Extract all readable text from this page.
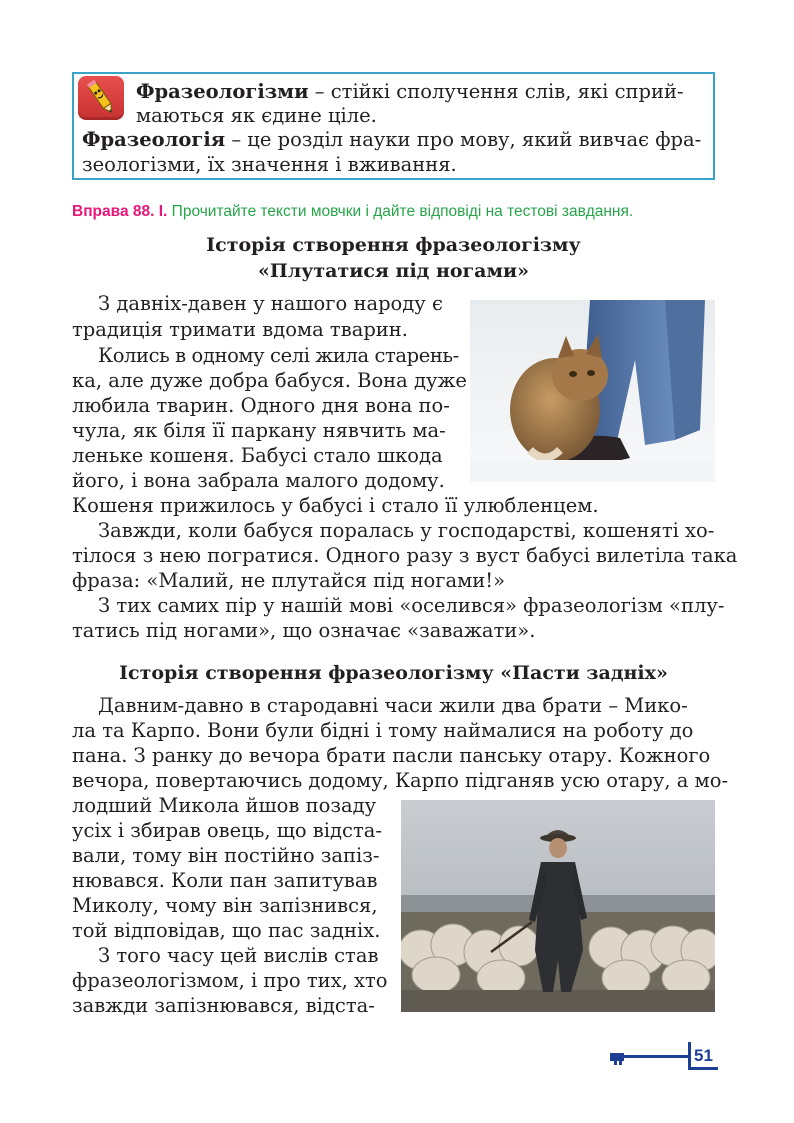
Фразеологізми – стійкі сполучення слів, які сприй-
маються як єдине ціле.
Фразеологія – це розділ науки про мову, який вивчає фра-
зеологізми, їх значення і вживання.
Вправа 88. І. Прочитайте тексти мовчки і дайте відповіді на тестові завдання.
Історія створення фразеологізму
«Плутатися під ногами»
З давніх-давен у нашого народу є
традиція тримати вдома тварин.
Колись в одному селі жила старень-
ка, але дуже добра бабуся. Вона дуже
любила тварин. Одного дня вона по-
чула, як біля її паркану нявчить ма-
леньке кошеня. Бабусі стало шкода
його, і вона забрала малого додому.
Кошеня прижилось у бабусі і стало її улюбленцем.
Завжди, коли бабуся поралась у господарстві, кошеняті хо-
тілося з нею погратися. Одного разу з вуст бабусі вилетіла така
фраза: «Малий, не плутайся під ногами!»
З тих самих пір у нашій мові «оселився» фразеологізм «плу-
татись під ногами», що означає «заважати».
Історія створення фразеологізму «Пасти задніх»
Давним-давно в стародавні часи жили два брати – Мико-
ла та Карпо. Вони були бідні і тому наймалися на роботу до
пана. З ранку до вечора брати пасли панську отару. Кожного
вечора, повертаючись додому, Карпо підганяв усю отару, а мо-
лодший Микола йшов позаду
усіх і збирав овець, що відста-
вали, тому він постійно запіз-
нювався. Коли пан запитував
Миколу, чому він запізнився,
той відповідав, що пас задніх.
З того часу цей вислів став
фразеологізмом, і про тих, хто
завжди запізнювався, відста-
51
